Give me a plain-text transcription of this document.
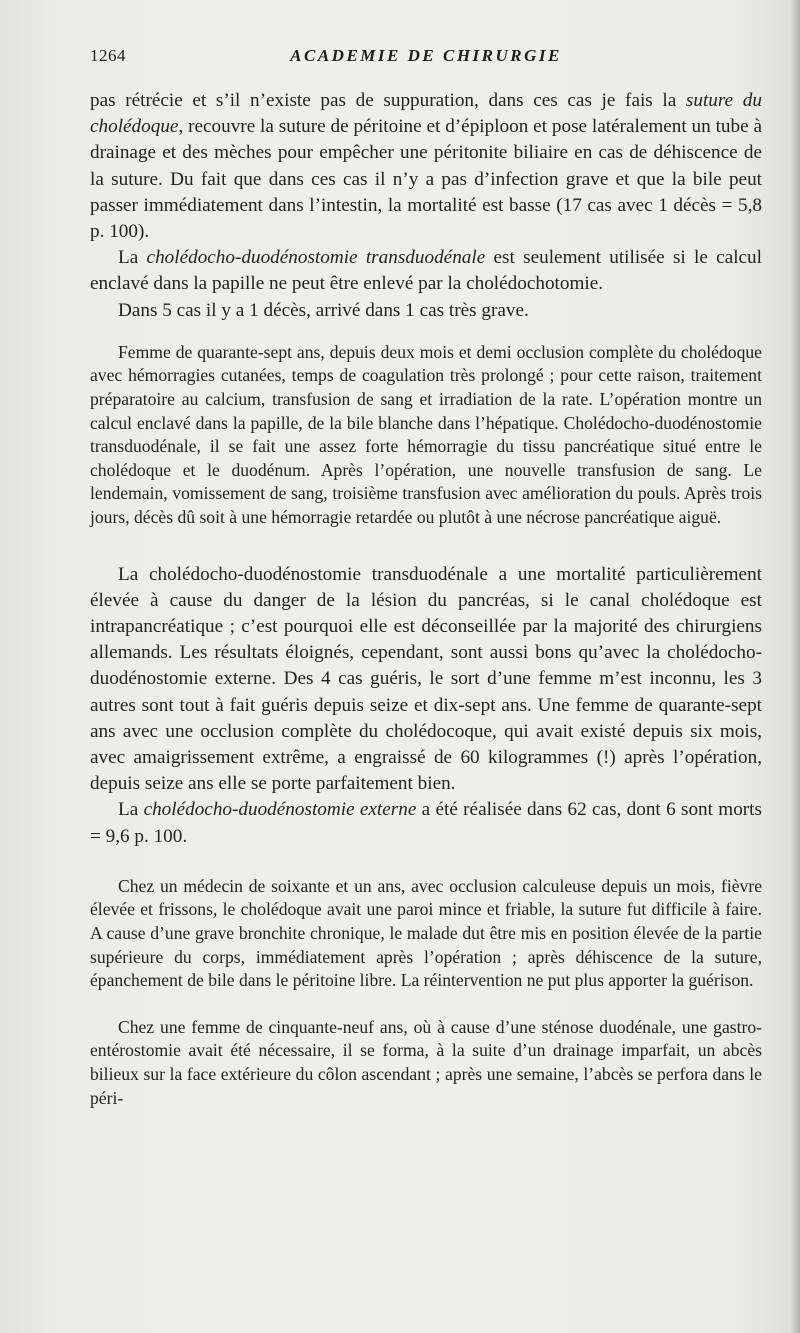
1264	ACADEMIE DE CHIRURGIE

pas rétrécie et s’il n’existe pas de suppuration, dans ces cas je fais la suture du cholédoque, recouvre la suture de péritoine et d’épiploon et pose latéralement un tube à drainage et des mèches pour empêcher une péritonite biliaire en cas de déhiscence de la suture. Du fait que dans ces cas il n’y a pas d’infection grave et que la bile peut passer immédiatement dans l’intestin, la mortalité est basse (17 cas avec 1 décès = 5,8 p. 100).

La cholédocho-duodénostomie transduodénale est seulement utilisée si le calcul enclavé dans la papille ne peut être enlevé par la cholédochotomie.

Dans 5 cas il y a 1 décès, arrivé dans 1 cas très grave.

Femme de quarante-sept ans, depuis deux mois et demi occlusion complète du cholédoque avec hémorragies cutanées, temps de coagulation très prolongé ; pour cette raison, traitement préparatoire au calcium, transfusion de sang et irradiation de la rate. L’opération montre un calcul enclavé dans la papille, de la bile blanche dans l’hépatique. Cholédocho-duodénostomie transduodénale, il se fait une assez forte hémorragie du tissu pancréatique situé entre le cholédoque et le duodénum. Après l’opération, une nouvelle transfusion de sang. Le lendemain, vomissement de sang, troisième transfusion avec amélioration du pouls. Après trois jours, décès dû soit à une hémorragie retardée ou plutôt à une nécrose pancréatique aiguë.

La cholédocho-duodénostomie transduodénale a une mortalité particulièrement élevée à cause du danger de la lésion du pancréas, si le canal cholédoque est intrapancréatique ; c’est pourquoi elle est déconseillée par la majorité des chirurgiens allemands. Les résultats éloignés, cependant, sont aussi bons qu’avec la cholédocho-duodénostomie externe. Des 4 cas guéris, le sort d’une femme m’est inconnu, les 3 autres sont tout à fait guéris depuis seize et dix-sept ans. Une femme de quarante-sept ans avec une occlusion complète du cholédocoque, qui avait existé depuis six mois, avec amaigrissement extrême, a engraissé de 60 kilogrammes (!) après l’opération, depuis seize ans elle se porte parfaitement bien.

La cholédocho-duodénostomie externe a été réalisée dans 62 cas, dont 6 sont morts = 9,6 p. 100.

Chez un médecin de soixante et un ans, avec occlusion calculeuse depuis un mois, fièvre élevée et frissons, le cholédoque avait une paroi mince et friable, la suture fut difficile à faire. A cause d’une grave bronchite chronique, le malade dut être mis en position élevée de la partie supérieure du corps, immédiatement après l’opération ; après déhiscence de la suture, épanchement de bile dans le péritoine libre. La réintervention ne put plus apporter la guérison.

Chez une femme de cinquante-neuf ans, où à cause d’une sténose duodénale, une gastro-entérostomie avait été nécessaire, il se forma, à la suite d’un drainage imparfait, un abcès bilieux sur la face extérieure du côlon ascendant ; après une semaine, l’abcès se perfora dans le péri-
